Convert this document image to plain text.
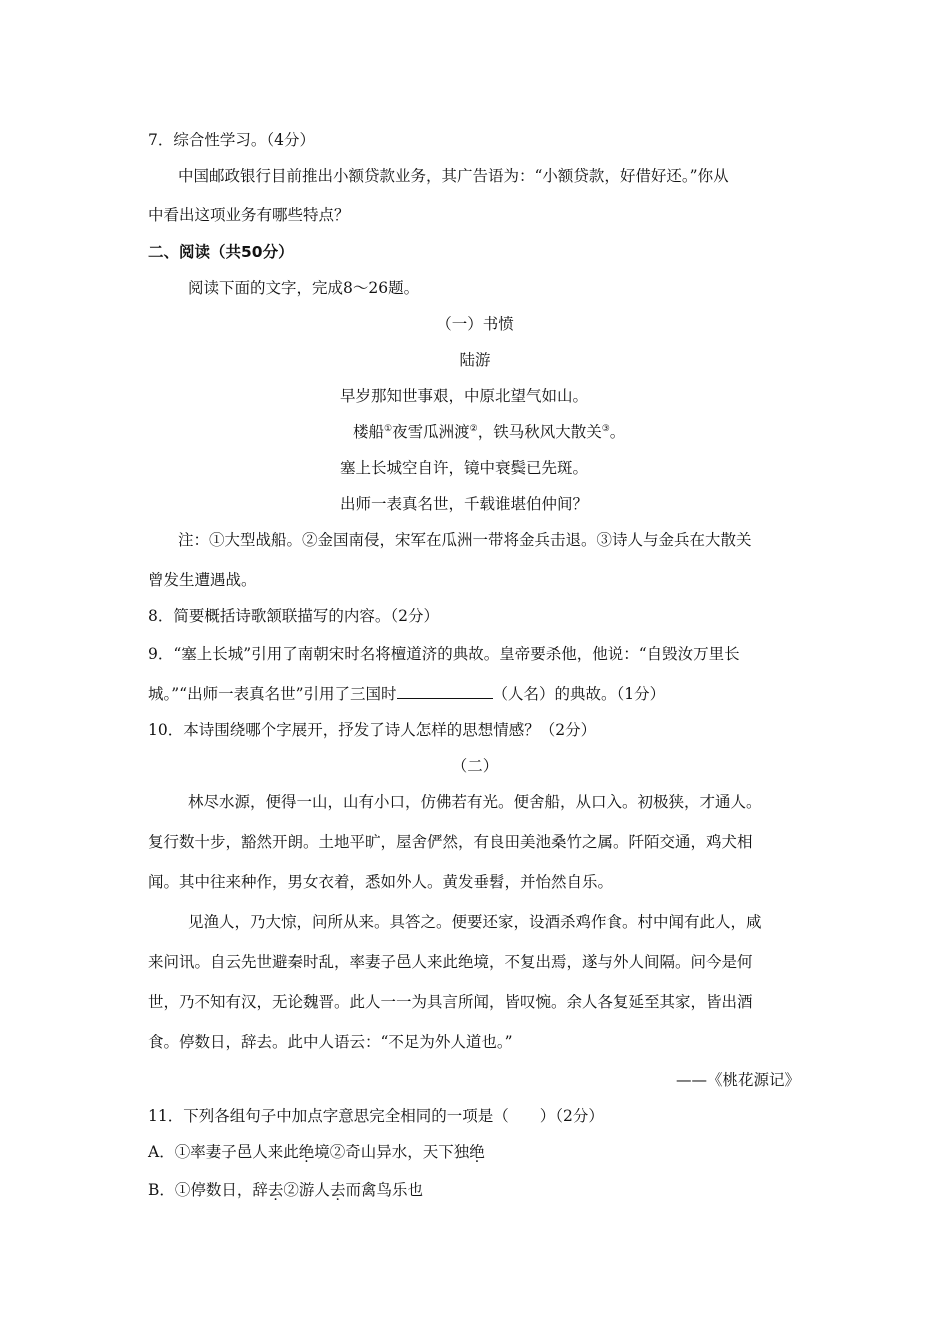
7．综合性学习。（4分）
中国邮政银行目前推出小额贷款业务，其广告语为：“小额贷款，好借好还。”你从
中看出这项业务有哪些特点？
二、阅读（共50分）
阅读下面的文字，完成8～26题。
（一）书愤
陆游
早岁那知世事艰，中原北望气如山。
楼船①夜雪瓜洲渡②，铁马秋风大散关③。
塞上长城空自许，镜中衰鬓已先斑。
出师一表真名世，千载谁堪伯仲间？
注：①大型战船。②金国南侵，宋军在瓜洲一带将金兵击退。③诗人与金兵在大散关
曾发生遭遇战。
8．简要概括诗歌颔联描写的内容。（2分）
9．“塞上长城”引用了南朝宋时名将檀道济的典故。皇帝要杀他，他说：“自毁汝万里长
城。”“出师一表真名世”引用了三国时	（人名）的典故。（1分）
10．本诗围绕哪个字展开，抒发了诗人怎样的思想情感？（2分）
（二）
林尽水源，便得一山，山有小口，仿佛若有光。便舍船，从口入。初极狭，才通人。
复行数十步，豁然开朗。土地平旷，屋舍俨然，有良田美池桑竹之属。阡陌交通，鸡犬相
闻。其中往来种作，男女衣着，悉如外人。黄发垂髫，并怡然自乐。
见渔人，乃大惊，问所从来。具答之。便要还家，设酒杀鸡作食。村中闻有此人，咸
来问讯。自云先世避秦时乱，率妻子邑人来此绝境，不复出焉，遂与外人间隔。问今是何
世，乃不知有汉，无论魏晋。此人一一为具言所闻，皆叹惋。余人各复延至其家，皆出酒
食。停数日，辞去。此中人语云：“不足为外人道也。”
——《桃花源记》
11．下列各组句子中加点字意思完全相同的一项是（　　）（2分）
A．①率妻子邑人来此绝境②奇山异水，天下独绝
B．①停数日，辞去②游人去而禽鸟乐也
